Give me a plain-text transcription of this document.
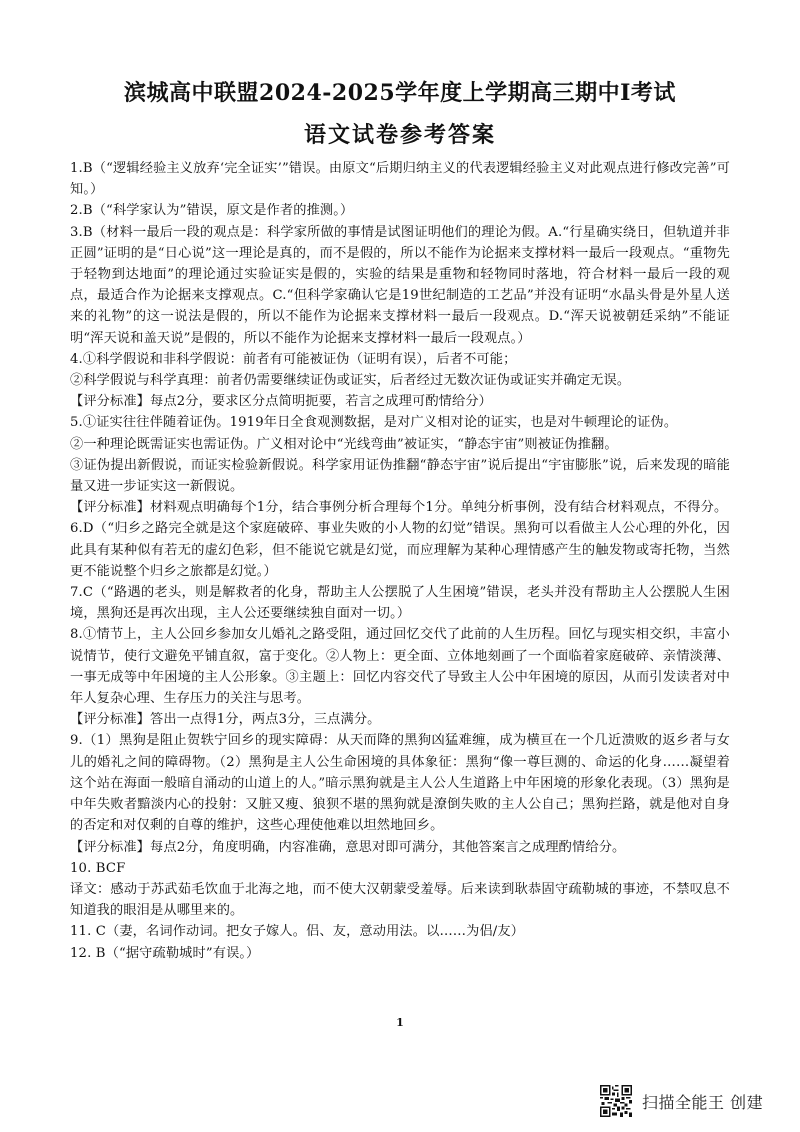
滨城高中联盟2024-2025学年度上学期高三期中Ⅰ考试
语文试卷参考答案

1.B（“逻辑经验主义放弃‘完全证实’”错误。由原文“后期归纳主义的代表逻辑经验主义对此观点进行修改完善”可知。）

2.B（“科学家认为”错误，原文是作者的推测。）

3.B（材料一最后一段的观点是：科学家所做的事情是试图证明他们的理论为假。A.“行星确实绕日，但轨道并非正圆”证明的是“日心说”这一理论是真的，而不是假的，所以不能作为论据来支撑材料一最后一段观点。“重物先于轻物到达地面”的理论通过实验证实是假的，实验的结果是重物和轻物同时落地，符合材料一最后一段的观点，最适合作为论据来支撑观点。C.“但科学家确认它是19世纪制造的工艺品”并没有证明“水晶头骨是外星人送来的礼物”的这一说法是假的，所以不能作为论据来支撑材料一最后一段观点。D.“浑天说被朝廷采纳”不能证明“浑天说和盖天说”是假的，所以不能作为论据来支撑材料一最后一段观点。）

4.①科学假说和非科学假说：前者有可能被证伪（证明有误），后者不可能；

②科学假说与科学真理：前者仍需要继续证伪或证实，后者经过无数次证伪或证实并确定无误。

【评分标准】每点2分，要求区分点简明扼要，若言之成理可酌情给分）

5.①证实往往伴随着证伪。1919年日全食观测数据，是对广义相对论的证实，也是对牛顿理论的证伪。

②一种理论既需证实也需证伪。广义相对论中“光线弯曲”被证实，“静态宇宙”则被证伪推翻。

③证伪提出新假说，而证实检验新假说。科学家用证伪推翻“静态宇宙”说后提出“宇宙膨胀”说，后来发现的暗能量又进一步证实这一新假说。

【评分标准】材料观点明确每个1分，结合事例分析合理每个1分。单纯分析事例，没有结合材料观点，不得分。

6.D（“归乡之路完全就是这个家庭破碎、事业失败的小人物的幻觉”错误。黑狗可以看做主人公心理的外化，因此具有某种似有若无的虚幻色彩，但不能说它就是幻觉，而应理解为某种心理情感产生的触发物或寄托物，当然更不能说整个归乡之旅都是幻觉。）

7.C（“路遇的老头，则是解救者的化身，帮助主人公摆脱了人生困境”错误，老头并没有帮助主人公摆脱人生困境，黑狗还是再次出现，主人公还要继续独自面对一切。）

8.①情节上，主人公回乡参加女儿婚礼之路受阻，通过回忆交代了此前的人生历程。回忆与现实相交织，丰富小说情节，使行文避免平铺直叙，富于变化。②人物上：更全面、立体地刻画了一个面临着家庭破碎、亲情淡薄、一事无成等中年困境的主人公形象。③主题上：回忆内容交代了导致主人公中年困境的原因，从而引发读者对中年人复杂心理、生存压力的关注与思考。

【评分标准】答出一点得1分，两点3分，三点满分。

9.（1）黑狗是阻止贺轶宁回乡的现实障碍：从天而降的黑狗凶猛难缠，成为横亘在一个几近溃败的返乡者与女儿的婚礼之间的障碍物。（2）黑狗是主人公生命困境的具体象征：黑狗“像一尊巨测的、命运的化身……凝望着这个站在海面一般暗自涌动的山道上的人。”暗示黑狗就是主人公人生道路上中年困境的形象化表现。（3）黑狗是中年失败者黯淡内心的投射：又脏又瘦、狼狈不堪的黑狗就是潦倒失败的主人公自己；黑狗拦路，就是他对自身的否定和对仅剩的自尊的维护，这些心理使他难以坦然地回乡。

【评分标准】每点2分，角度明确，内容准确，意思对即可满分，其他答案言之成理酌情给分。

10. BCF

译文：感动于苏武茹毛饮血于北海之地，而不使大汉朝蒙受羞辱。后来读到耿恭固守疏勒城的事迹，不禁叹息不知道我的眼泪是从哪里来的。

11. C（妻，名词作动词。把女子嫁人。侣、友，意动用法。以……为侣/友）

12. B（“据守疏勒城时”有误。）

1
扫描全能王 创建
